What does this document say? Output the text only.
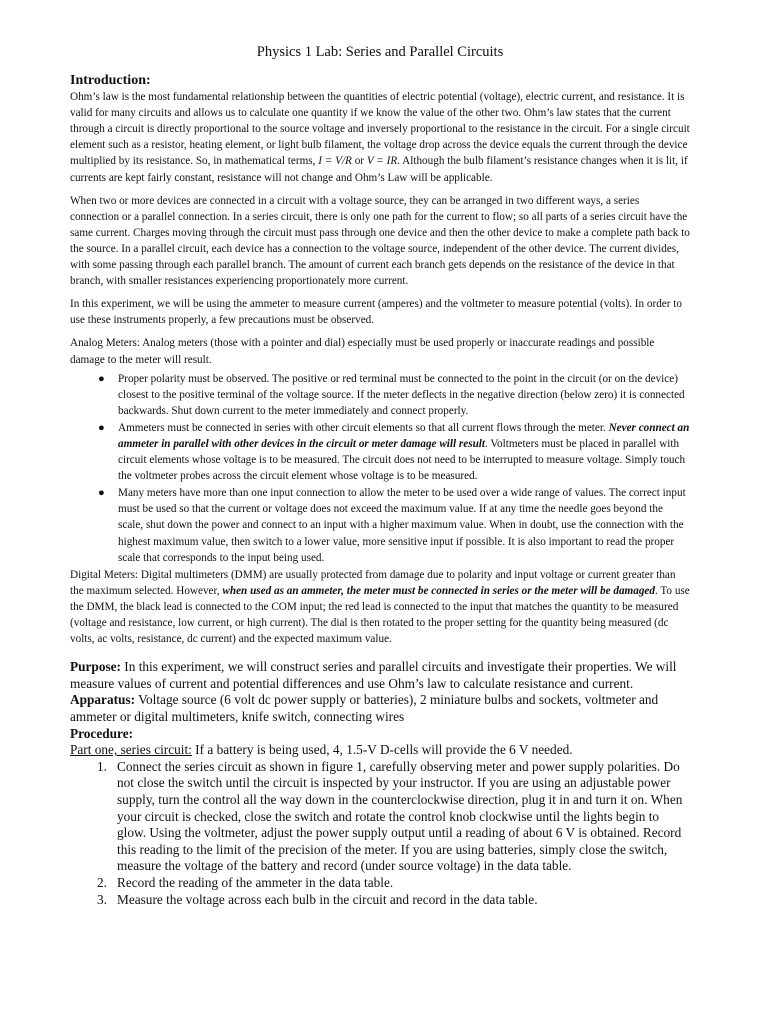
Physics 1 Lab: Series and Parallel Circuits
Introduction:

Ohm’s law is the most fundamental relationship between the quantities of electric potential (voltage), electric current, and resistance. It is valid for many circuits and allows us to calculate one quantity if we know the value of the other two. Ohm’s law states that the current through a circuit is directly proportional to the source voltage and inversely proportional to the resistance in the circuit. For a single circuit element such as a resistor, heating element, or light bulb filament, the voltage drop across the device equals the current through the device multiplied by its resistance. So, in mathematical terms, I = V/R or V = IR. Although the bulb filament’s resistance changes when it is lit, if currents are kept fairly constant, resistance will not change and Ohm’s Law will be applicable.

When two or more devices are connected in a circuit with a voltage source, they can be arranged in two different ways, a series connection or a parallel connection. In a series circuit, there is only one path for the current to flow; so all parts of a series circuit have the same current. Charges moving through the circuit must pass through one device and then the other device to make a complete path back to the source. In a parallel circuit, each device has a connection to the voltage source, independent of the other device. The current divides, with some passing through each parallel branch. The amount of current each branch gets depends on the resistance of the device in that branch, with smaller resistances experiencing proportionately more current.

In this experiment, we will be using the ammeter to measure current (amperes) and the voltmeter to measure potential (volts). In order to use these instruments properly, a few precautions must be observed.

Analog Meters: Analog meters (those with a pointer and dial) especially must be used properly or inaccurate readings and possible damage to the meter will result.

● Proper polarity must be observed. The positive or red terminal must be connected to the point in the circuit (or on the device) closest to the positive terminal of the voltage source. If the meter deflects in the negative direction (below zero) it is connected backwards. Shut down current to the meter immediately and connect properly.
● Ammeters must be connected in series with other circuit elements so that all current flows through the meter. Never connect an ammeter in parallel with other devices in the circuit or meter damage will result. Voltmeters must be placed in parallel with circuit elements whose voltage is to be measured. The circuit does not need to be interrupted to measure voltage. Simply touch the voltmeter probes across the circuit element whose voltage is to be measured.
● Many meters have more than one input connection to allow the meter to be used over a wide range of values. The correct input must be used so that the current or voltage does not exceed the maximum value. If at any time the needle goes beyond the scale, shut down the power and connect to an input with a higher maximum value. When in doubt, use the connection with the highest maximum value, then switch to a lower value, more sensitive input if possible. It is also important to read the proper scale that corresponds to the input being used.

Digital Meters: Digital multimeters (DMM) are usually protected from damage due to polarity and input voltage or current greater than the maximum selected. However, when used as an ammeter, the meter must be connected in series or the meter will be damaged. To use the DMM, the black lead is connected to the COM input; the red lead is connected to the input that matches the quantity to be measured (voltage and resistance, low current, or high current). The dial is then rotated to the proper setting for the quantity being measured (dc volts, ac volts, resistance, dc current) and the expected maximum value.

Purpose: In this experiment, we will construct series and parallel circuits and investigate their properties. We will measure values of current and potential differences and use Ohm’s law to calculate resistance and current.

Apparatus: Voltage source (6 volt dc power supply or batteries), 2 miniature bulbs and sockets, voltmeter and ammeter or digital multimeters, knife switch, connecting wires

Procedure:

Part one, series circuit: If a battery is being used, 4, 1.5-V D-cells will provide the 6 V needed.

1. Connect the series circuit as shown in figure 1, carefully observing meter and power supply polarities. Do not close the switch until the circuit is inspected by your instructor. If you are using an adjustable power supply, turn the control all the way down in the counterclockwise direction, plug it in and turn it on. When your circuit is checked, close the switch and rotate the control knob clockwise until the lights begin to glow. Using the voltmeter, adjust the power supply output until a reading of about 6 V is obtained. Record this reading to the limit of the precision of the meter. If you are using batteries, simply close the switch, measure the voltage of the battery and record (under source voltage) in the data table.
2. Record the reading of the ammeter in the data table.
3. Measure the voltage across each bulb in the circuit and record in the data table.
